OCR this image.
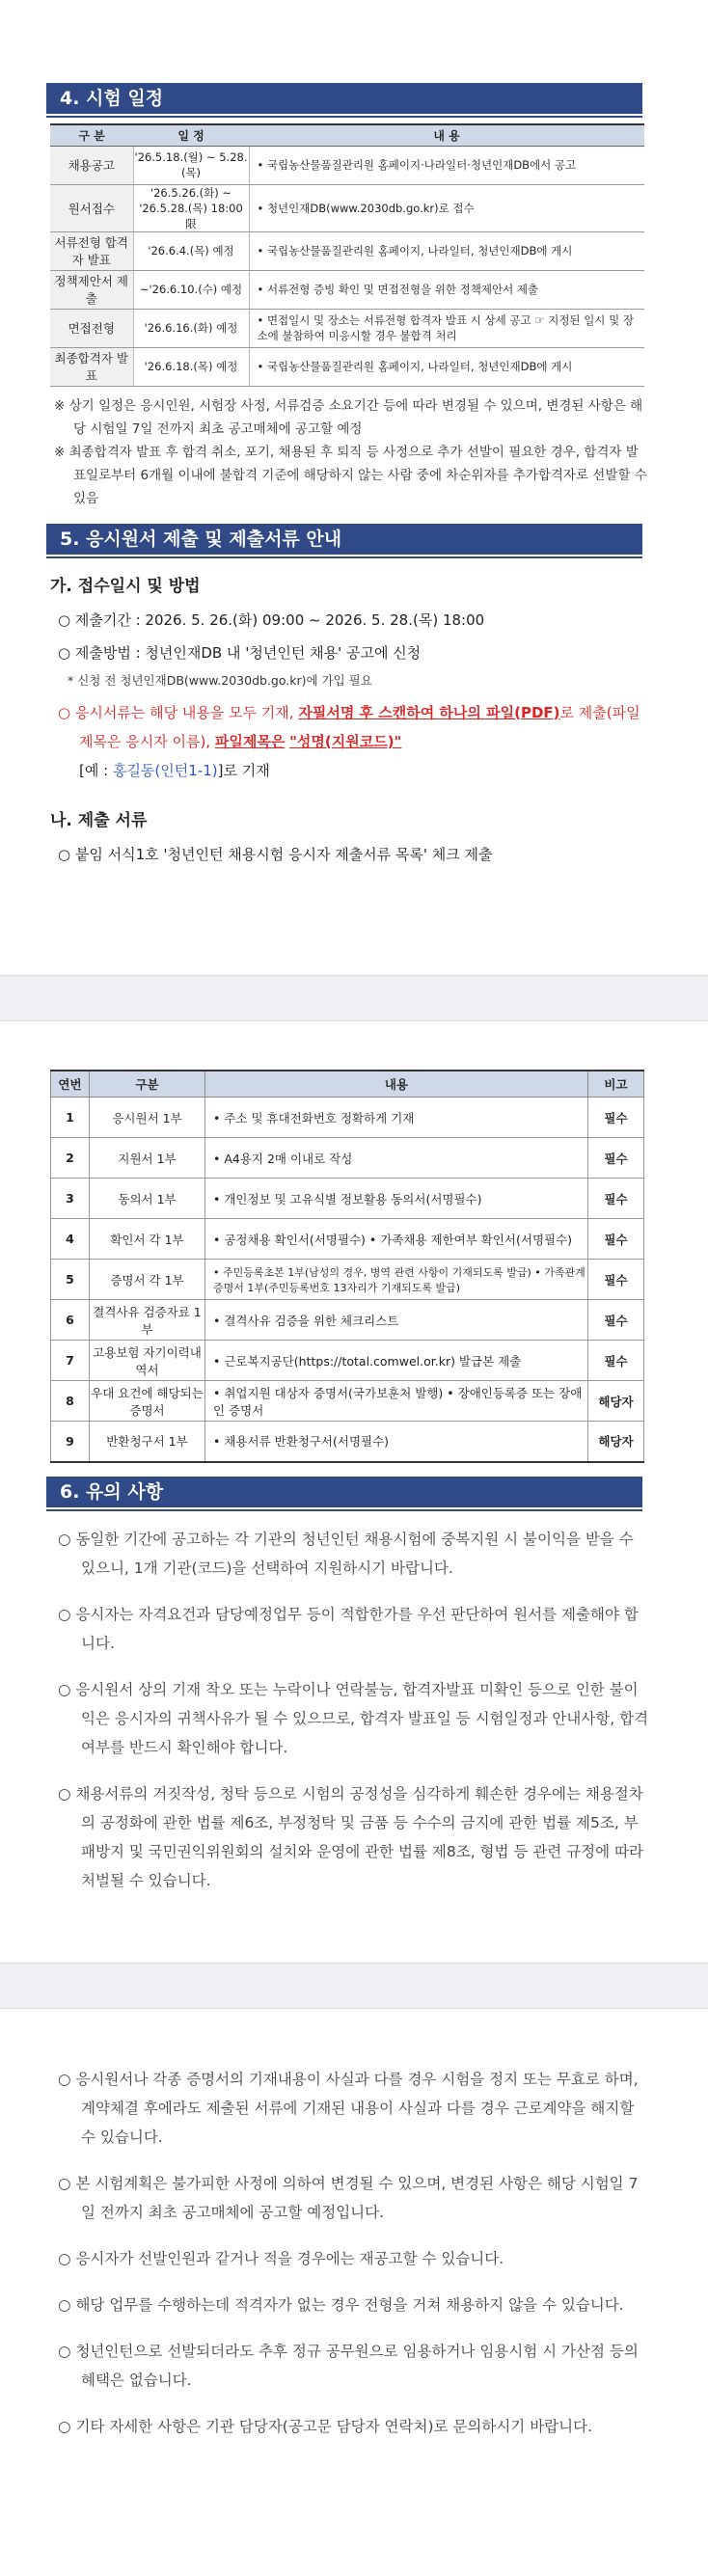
4. 시험 일정
구 분	일 정	내 용
채용공고	'26.5.18.(월) ~ 5.28.(목)	• 국립농산물품질관리원 홈페이지·나라일터·청년인재DB에서 공고
원서접수	'26.5.26.(화) ~ '26.5.28.(목) 18:00限	• 청년인재DB(www.2030db.go.kr)로 접수
서류전형 합격자 발표	'26.6.4.(목) 예정	• 국립농산물품질관리원 홈페이지, 나라일터, 청년인재DB에 게시
정책제안서 제출	~'26.6.10.(수) 예정	• 서류전형 증빙 확인 및 면접전형을 위한 정책제안서 제출
면접전형	'26.6.16.(화) 예정	• 면접일시 및 장소는 서류전형 합격자 발표 시 상세 공고 ☞ 지정된 일시 및 장소에 불참하여 미응시할 경우 불합격 처리
최종합격자 발표	'26.6.18.(목) 예정	• 국립농산물품질관리원 홈페이지, 나라일터, 청년인재DB에 게시

※ 상기 일정은 응시인원, 시험장 사정, 서류검증 소요기간 등에 따라 변경될 수 있으며, 변경된 사항은 해당 시험일 7일 전까지 최초 공고매체에 공고할 예정

※ 최종합격자 발표 후 합격 취소, 포기, 채용된 후 퇴직 등 사정으로 추가 선발이 필요한 경우, 합격자 발표일로부터 6개월 이내에 불합격 기준에 해당하지 않는 사람 중에 차순위자를 추가합격자로 선발할 수 있음

5. 응시원서 제출 및 제출서류 안내
가. 접수일시 및 방법
○ 제출기간 : 2026. 5. 26.(화) 09:00 ~ 2026. 5. 28.(목) 18:00
○ 제출방법 : 청년인재DB 내 '청년인턴 채용' 공고에 신청
* 신청 전 청년인재DB(www.2030db.go.kr)에 가입 필요
○ 응시서류는 해당 내용을 모두 기재, 자필서명 후 스캔하여 하나의 파일(PDF)로 제출(파일제목은 응시자 이름), 파일제목은 "성명(지원코드)"
[예 : 홍길동(인턴1-1)]로 기재
나. 제출 서류
○ 붙임 서식1호 '청년인턴 채용시험 응시자 제출서류 목록' 체크 제출
연번	구분	내용	비고
1	응시원서 1부	• 주소 및 휴대전화번호 정확하게 기재	필수
2	지원서 1부	• A4용지 2매 이내로 작성	필수
3	동의서 1부	• 개인정보 및 고유식별 정보활용 동의서(서명필수)	필수
4	확인서 각 1부	• 공정채용 확인서(서명필수) • 가족채용 제한여부 확인서(서명필수)	필수
5	증명서 각 1부	• 주민등록초본 1부(남성의 경우, 병역 관련 사항이 기재되도록 발급) • 가족관계증명서 1부(주민등록번호 13자리가 기재되도록 발급)	필수
6	결격사유 검증자료 1부	• 결격사유 검증을 위한 체크리스트	필수
7	고용보험 자기이력내역서	• 근로복지공단(https://total.comwel.or.kr) 발급본 제출	필수
8	우대 요건에 해당되는증명서	• 취업지원 대상자 증명서(국가보훈처 발행) • 장애인등록증 또는 장애인 증명서	해당자
9	반환청구서 1부	• 채용서류 반환청구서(서명필수)	해당자
6. 유의 사항
○ 동일한 기간에 공고하는 각 기관의 청년인턴 채용시험에 중복지원 시 불이익을 받을 수 있으니, 1개 기관(코드)을 선택하여 지원하시기 바랍니다.
○ 응시자는 자격요건과 담당예정업무 등이 적합한가를 우선 판단하여 원서를 제출해야 합니다.
○ 응시원서 상의 기재 착오 또는 누락이나 연락불능, 합격자발표 미확인 등으로 인한 불이익은 응시자의 귀책사유가 될 수 있으므로, 합격자 발표일 등 시험일정과 안내사항, 합격여부를 반드시 확인해야 합니다.
○ 채용서류의 거짓작성, 청탁 등으로 시험의 공정성을 심각하게 훼손한 경우에는 채용절차의 공정화에 관한 법률 제6조, 부정청탁 및 금품 등 수수의 금지에 관한 법률 제5조, 부패방지 및 국민권익위원회의 설치와 운영에 관한 법률 제8조, 형법 등 관련 규정에 따라 처벌될 수 있습니다.
○ 응시원서나 각종 증명서의 기재내용이 사실과 다를 경우 시험을 정지 또는 무효로 하며, 계약체결 후에라도 제출된 서류에 기재된 내용이 사실과 다를 경우 근로계약을 해지할 수 있습니다.
○ 본 시험계획은 불가피한 사정에 의하여 변경될 수 있으며, 변경된 사항은 해당 시험일 7일 전까지 최초 공고매체에 공고할 예정입니다.
○ 응시자가 선발인원과 같거나 적을 경우에는 재공고할 수 있습니다.
○ 해당 업무를 수행하는데 적격자가 없는 경우 전형을 거쳐 채용하지 않을 수 있습니다.
○ 청년인턴으로 선발되더라도 추후 정규 공무원으로 임용하거나 임용시험 시 가산점 등의 혜택은 없습니다.
○ 기타 자세한 사항은 기관 담당자(공고문 담당자 연락처)로 문의하시기 바랍니다.
